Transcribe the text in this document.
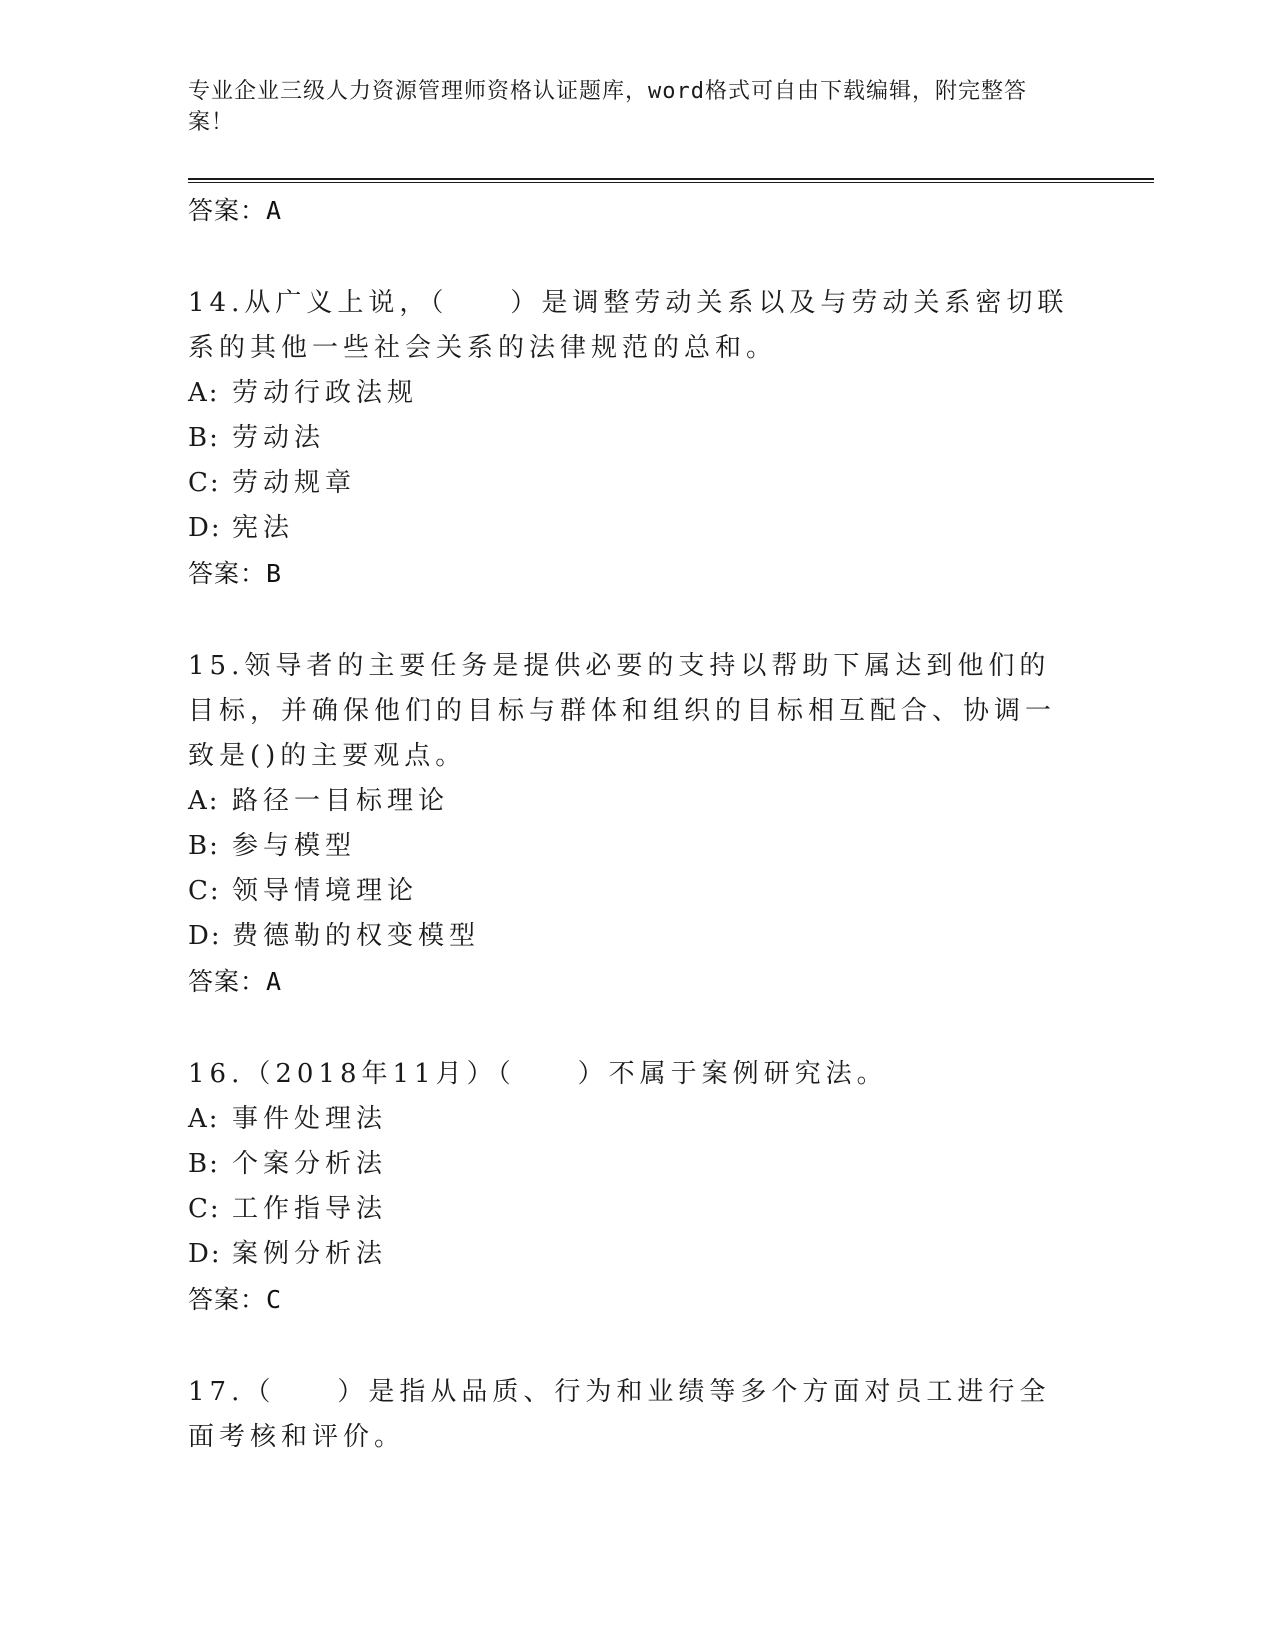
专业企业三级人力资源管理师资格认证题库，word格式可自由下载编辑，附完整答案！
答案：A
14.从广义上说，（　　）是调整劳动关系以及与劳动关系密切联系的其他一些社会关系的法律规范的总和。
A: 劳动行政法规
B: 劳动法
C: 劳动规章
D: 宪法
答案：B
15.领导者的主要任务是提供必要的支持以帮助下属达到他们的目标，并确保他们的目标与群体和组织的目标相互配合、协调一致是()的主要观点。
A: 路径一目标理论
B: 参与模型
C: 领导情境理论
D: 费德勒的权变模型
答案：A
16.（2018年11月）（　　）不属于案例研究法。
A: 事件处理法
B: 个案分析法
C: 工作指导法
D: 案例分析法
答案：C
17.（　　）是指从品质、行为和业绩等多个方面对员工进行全面考核和评价。
